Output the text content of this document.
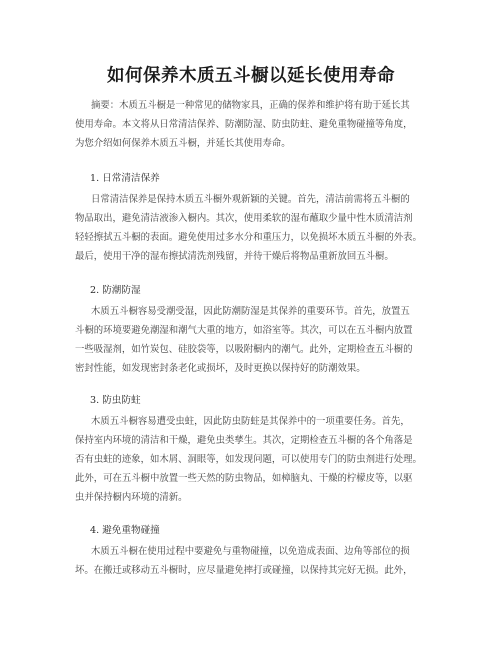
如何保养木质五斗橱以延长使用寿命
摘要：木质五斗橱是一种常见的储物家具，正确的保养和维护将有助于延长其
使用寿命。本文将从日常清洁保养、防潮防湿、防虫防蛀、避免重物碰撞等角度，
为您介绍如何保养木质五斗橱，并延长其使用寿命。
1. 日常清洁保养
日常清洁保养是保持木质五斗橱外观新颖的关键。首先，清洁前需将五斗橱的
物品取出，避免清洁液渗入橱内。其次，使用柔软的湿布蘸取少量中性木质清洁剂
轻轻擦拭五斗橱的表面。避免使用过多水分和重压力，以免损坏木质五斗橱的外表。
最后，使用干净的湿布擦拭清洗剂残留，并待干燥后将物品重新放回五斗橱。
2. 防潮防湿
木质五斗橱容易受潮受湿，因此防潮防湿是其保养的重要环节。首先，放置五
斗橱的环境要避免潮湿和潮气大重的地方，如浴室等。其次，可以在五斗橱内放置
一些吸湿剂，如竹炭包、硅胶袋等，以吸附橱内的潮气。此外，定期检查五斗橱的
密封性能，如发现密封条老化或损坏，及时更换以保持好的防潮效果。
3. 防虫防蛀
木质五斗橱容易遭受虫蛀，因此防虫防蛀是其保养中的一项重要任务。首先，
保持室内环境的清洁和干燥，避免虫类孳生。其次，定期检查五斗橱的各个角落是
否有虫蛀的迹象，如木屑、洞眼等，如发现问题，可以使用专门的防虫剂进行处理。
此外，可在五斗橱中放置一些天然的防虫物品，如樟脑丸、干燥的柠檬皮等，以驱
虫并保持橱内环境的清新。
4. 避免重物碰撞
木质五斗橱在使用过程中要避免与重物碰撞，以免造成表面、边角等部位的损
坏。在搬迁或移动五斗橱时，应尽量避免摔打或碰撞，以保持其完好无损。此外，
